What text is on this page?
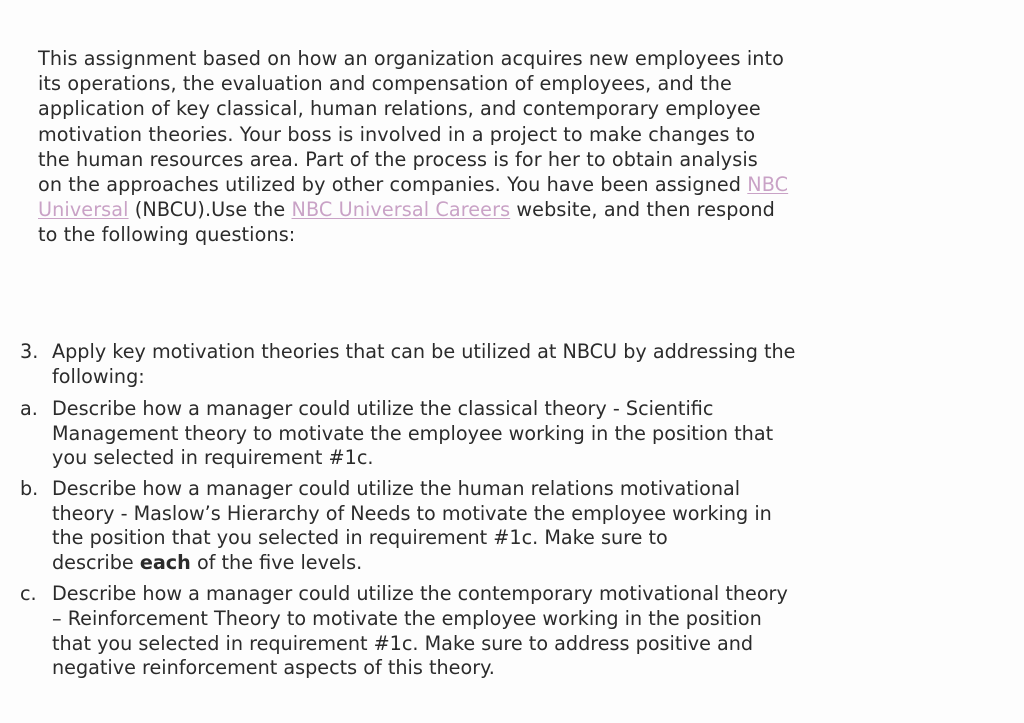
This assignment based on how an organization acquires new employees into
its operations, the evaluation and compensation of employees, and the
application of key classical, human relations, and contemporary employee
motivation theories. Your boss is involved in a project to make changes to
the human resources area. Part of the process is for her to obtain analysis
on the approaches utilized by other companies. You have been assigned NBC
Universal (NBCU).Use the NBC Universal Careers website, and then respond
to the following questions:
3. Apply key motivation theories that can be utilized at NBCU by addressing the
following:
a. Describe how a manager could utilize the classical theory - Scientific
Management theory to motivate the employee working in the position that
you selected in requirement #1c.
b. Describe how a manager could utilize the human relations motivational
theory - Maslow’s Hierarchy of Needs to motivate the employee working in
the position that you selected in requirement #1c. Make sure to
describe each of the five levels.
c. Describe how a manager could utilize the contemporary motivational theory
– Reinforcement Theory to motivate the employee working in the position
that you selected in requirement #1c. Make sure to address positive and
negative reinforcement aspects of this theory.
